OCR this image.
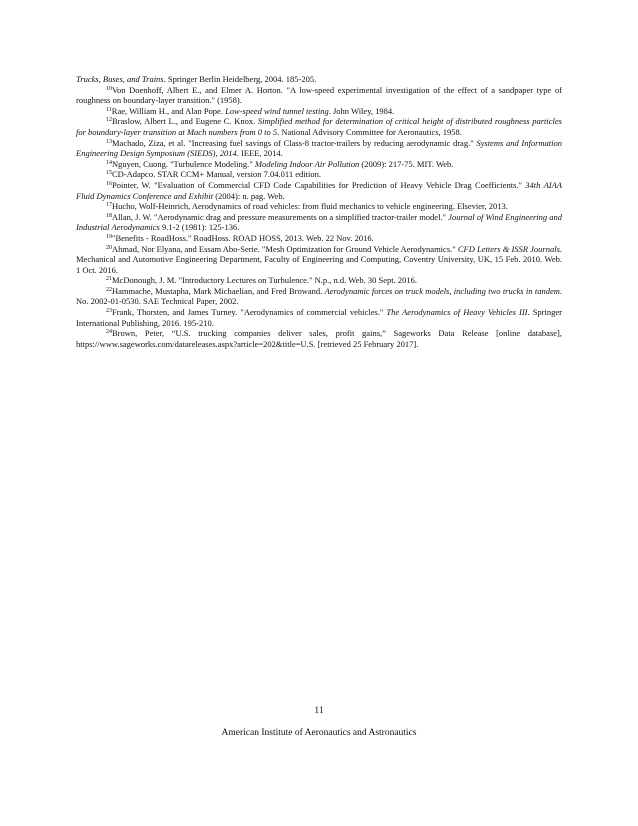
Trucks, Buses, and Trains. Springer Berlin Heidelberg, 2004. 185-205.

$^{10}$Von Doenhoff, Albert E., and Elmer A. Horton. "A low-speed experimental investigation of the effect of a sandpaper type of roughness on boundary-layer transition." (1958).

$^{11}$Rae, William H., and Alan Pope. Low-speed wind tunnel testing. John Wiley, 1984.

$^{12}$Braslow, Albert L., and Eugene C. Knox. Simplified method for determination of critical height of distributed roughness particles for boundary-layer transition at Mach numbers from 0 to 5. National Advisory Committee for Aeronautics, 1958.

$^{13}$Machado, Ziza, et al. "Increasing fuel savings of Class-8 tractor-trailers by reducing aerodynamic drag." Systems and Information Engineering Design Symposium (SIEDS), 2014. IEEE, 2014.

$^{14}$Nguyen, Cuong. "Turbulence Modeling." Modeling Indoor Air Pollution (2009): 217-75. MIT. Web.

$^{15}$CD-Adapco. STAR CCM+ Manual, version 7.04.011 edition.

$^{16}$Pointer, W. "Evaluation of Commercial CFD Code Capabilities for Prediction of Heavy Vehicle Drag Coefficients." 34th AIAA Fluid Dynamics Conference and Exhibit (2004): n. pag. Web.

$^{17}$Hucho, Wolf-Heinrich, Aerodynamics of road vehicles: from fluid mechanics to vehicle engineering. Elsevier, 2013.

$^{18}$Allan, J. W. "Aerodynamic drag and pressure measurements on a simplified tractor-trailer model." Journal of Wind Engineering and Industrial Aerodynamics 9.1-2 (1981): 125-136.

$^{19}$"Benefits - RoadHoss." RoadHoss. ROAD HOSS, 2013. Web. 22 Nov. 2016.

$^{20}$Ahmad, Nor Elyana, and Essam Abo-Serie. "Mesh Optimization for Ground Vehicle Aerodynamics." CFD Letters & ISSR Journals. Mechanical and Automotive Engineering Department, Faculty of Engineering and Computing, Coventry University, UK, 15 Feb. 2010. Web. 1 Oct. 2016.

$^{21}$McDonough, J. M. "Introductory Lectures on Turbulence." N.p., n.d. Web. 30 Sept. 2016.

$^{22}$Hammache, Mustapha, Mark Michaelian, and Fred Browand. Aerodynamic forces on truck models, including two trucks in tandem. No. 2002-01-0530. SAE Technical Paper, 2002.

$^{23}$Frank, Thorsten, and James Turney. "Aerodynamics of commercial vehicles." The Aerodynamics of Heavy Vehicles III. Springer International Publishing, 2016. 195-210.

$^{24}$Brown, Peter, “U.S. trucking companies deliver sales, profit gains,” Sageworks Data Release [online database], https://www.sageworks.com/datareleases.aspx?article=202&title=U.S. [retrieved 25 February 2017].

11
American Institute of Aeronautics and Astronautics
